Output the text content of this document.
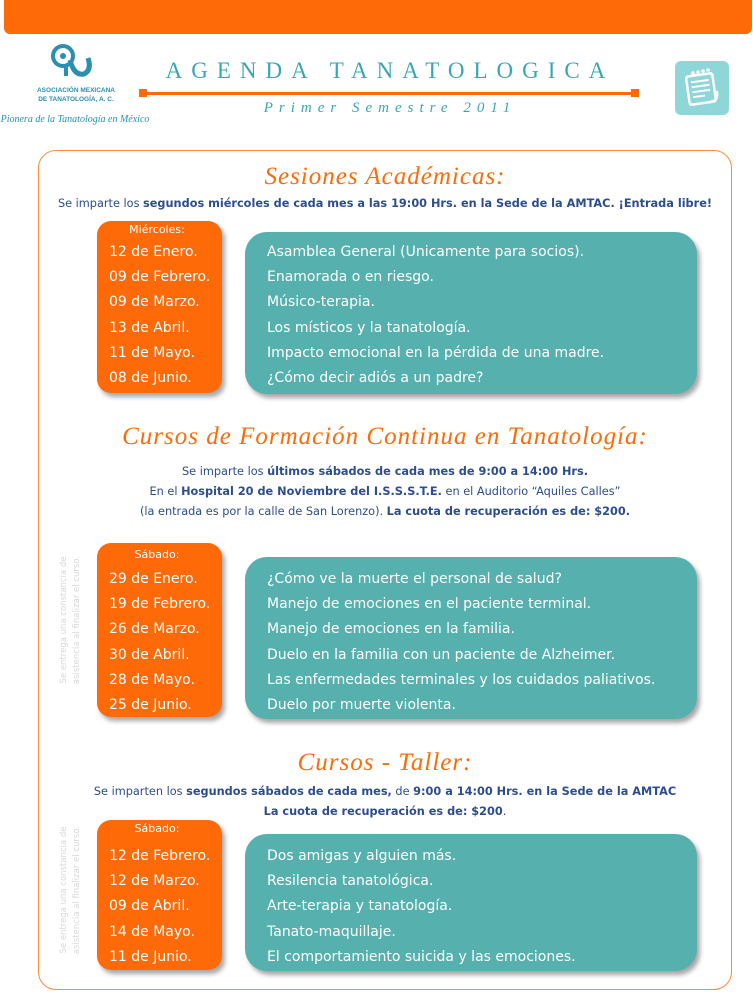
ASOCIACIÓN MEXICANA
DE TANATOLOGÍA, A. C.
Pionera de la Tanatología en México
AGENDA TANATOLOGICA
Primer Semestre 2011
Sesiones Académicas:
Se imparte los segundos miércoles de cada mes a las 19:00 Hrs. en la Sede de la AMTAC. ¡Entrada libre!
Miércoles:
12 de Enero.
09 de Febrero.
09 de Marzo.
13 de Abril.
11 de Mayo.
08 de Junio.
Asamblea General (Unicamente para socios).
Enamorada o en riesgo.
Músico-terapia.
Los místicos y la tanatología.
Impacto emocional en la pérdida de una madre.
¿Cómo decir adiós a un padre?
Cursos de Formación Continua en Tanatología:
Se imparte los últimos sábados de cada mes de 9:00 a 14:00 Hrs.
En el Hospital 20 de Noviembre del I.S.S.S.T.E. en el Auditorio “Aquiles Calles”
(la entrada es por la calle de San Lorenzo). La cuota de recuperación es de: $200.
Se entrega una constancia de asistencia al finalizar el curso.
Sábado:
29 de Enero.
19 de Febrero.
26 de Marzo.
30 de Abril.
28 de Mayo.
25 de Junio.
¿Cómo ve la muerte el personal de salud?
Manejo de emociones en el paciente terminal.
Manejo de emociones en la familia.
Duelo en la familia con un paciente de Alzheimer.
Las enfermedades terminales y los cuidados paliativos.
Duelo por muerte violenta.
Cursos - Taller:
Se imparten los segundos sábados de cada mes, de 9:00 a 14:00 Hrs. en la Sede de la AMTAC
La cuota de recuperación es de: $200.
Se entrega una constancia de asistencia al finalizar el curso.	Sábado:
12 de Febrero.
12 de Marzo.
09 de Abril.
14 de Mayo.
11 de Junio.
Dos amigas y alguien más.
Resilencia tanatológica.
Arte-terapia y tanatología.
Tanato-maquillaje.
El comportamiento suicida y las emociones.
